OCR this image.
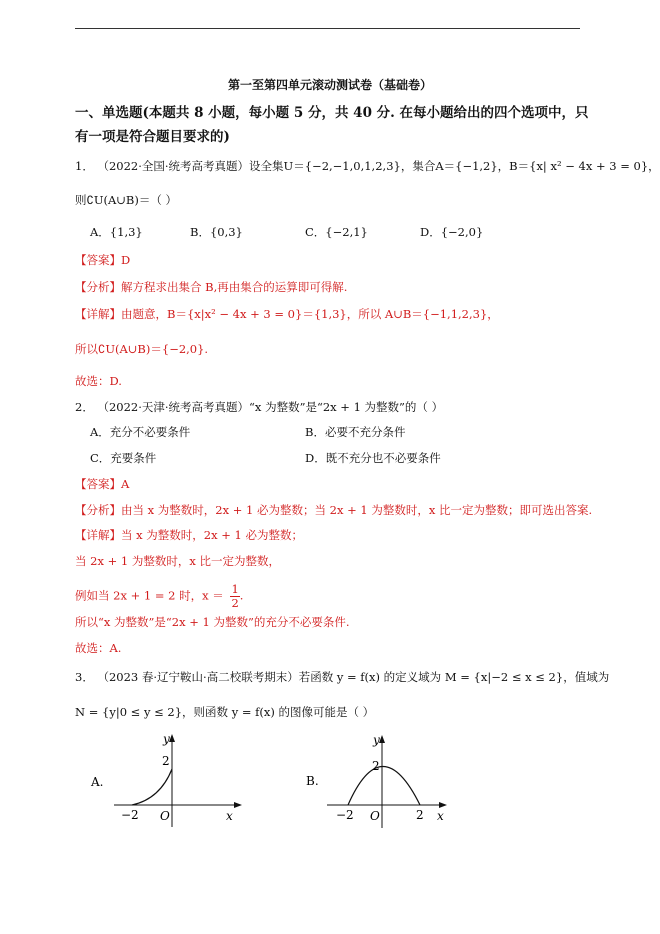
第一至第四单元滚动测试卷（基础卷）
一、单选题(本题共 8 小题，每小题 5 分，共 40 分. 在每小题给出的四个选项中，只有一项是符合题目要求的)
1． （2022·全国·统考高考真题）设全集U＝{−2,−1,0,1,2,3}，集合A＝{−1,2}，B＝{x| x² − 4x + 3 = 0}，
则∁U(A∪B)＝（ ）
A．{1,3}	B．{0,3}	C．{−2,1}	D．{−2,0}
【答案】D
【分析】解方程求出集合 B,再由集合的运算即可得解.
【详解】由题意，B＝{x|x² − 4x + 3 = 0}＝{1,3}，所以 A∪B＝{−1,1,2,3}，
所以∁U(A∪B)＝{−2,0}.
故选：D.
2． （2022·天津·统考高考真题）“x 为整数”是“2x + 1 为整数”的（ ）
A．充分不必要条件	B．必要不充分条件
C．充要条件	D．既不充分也不必要条件
【答案】A
【分析】由当 x 为整数时，2x + 1 必为整数；当 2x + 1 为整数时，x 比一定为整数；即可选出答案.
【详解】当 x 为整数时，2x + 1 必为整数；
当 2x + 1 为整数时，x 比一定为整数，
例如当 2x + 1 = 2 时，$x = \frac{1}{2}$ .
所以“x 为整数”是“2x + 1 为整数”的充分不必要条件.
故选：A.
3． （2023 春·辽宁鞍山·高二校联考期末）若函数 y = f(x) 的定义域为 M = {x|−2 ≤ x ≤ 2}，值域为
N = {y|0 ≤ y ≤ 2}，则函数 y = f(x) 的图像可能是（ ）
A.
y
x
O
−2
2
B.
y
x
O
−2	2
2
